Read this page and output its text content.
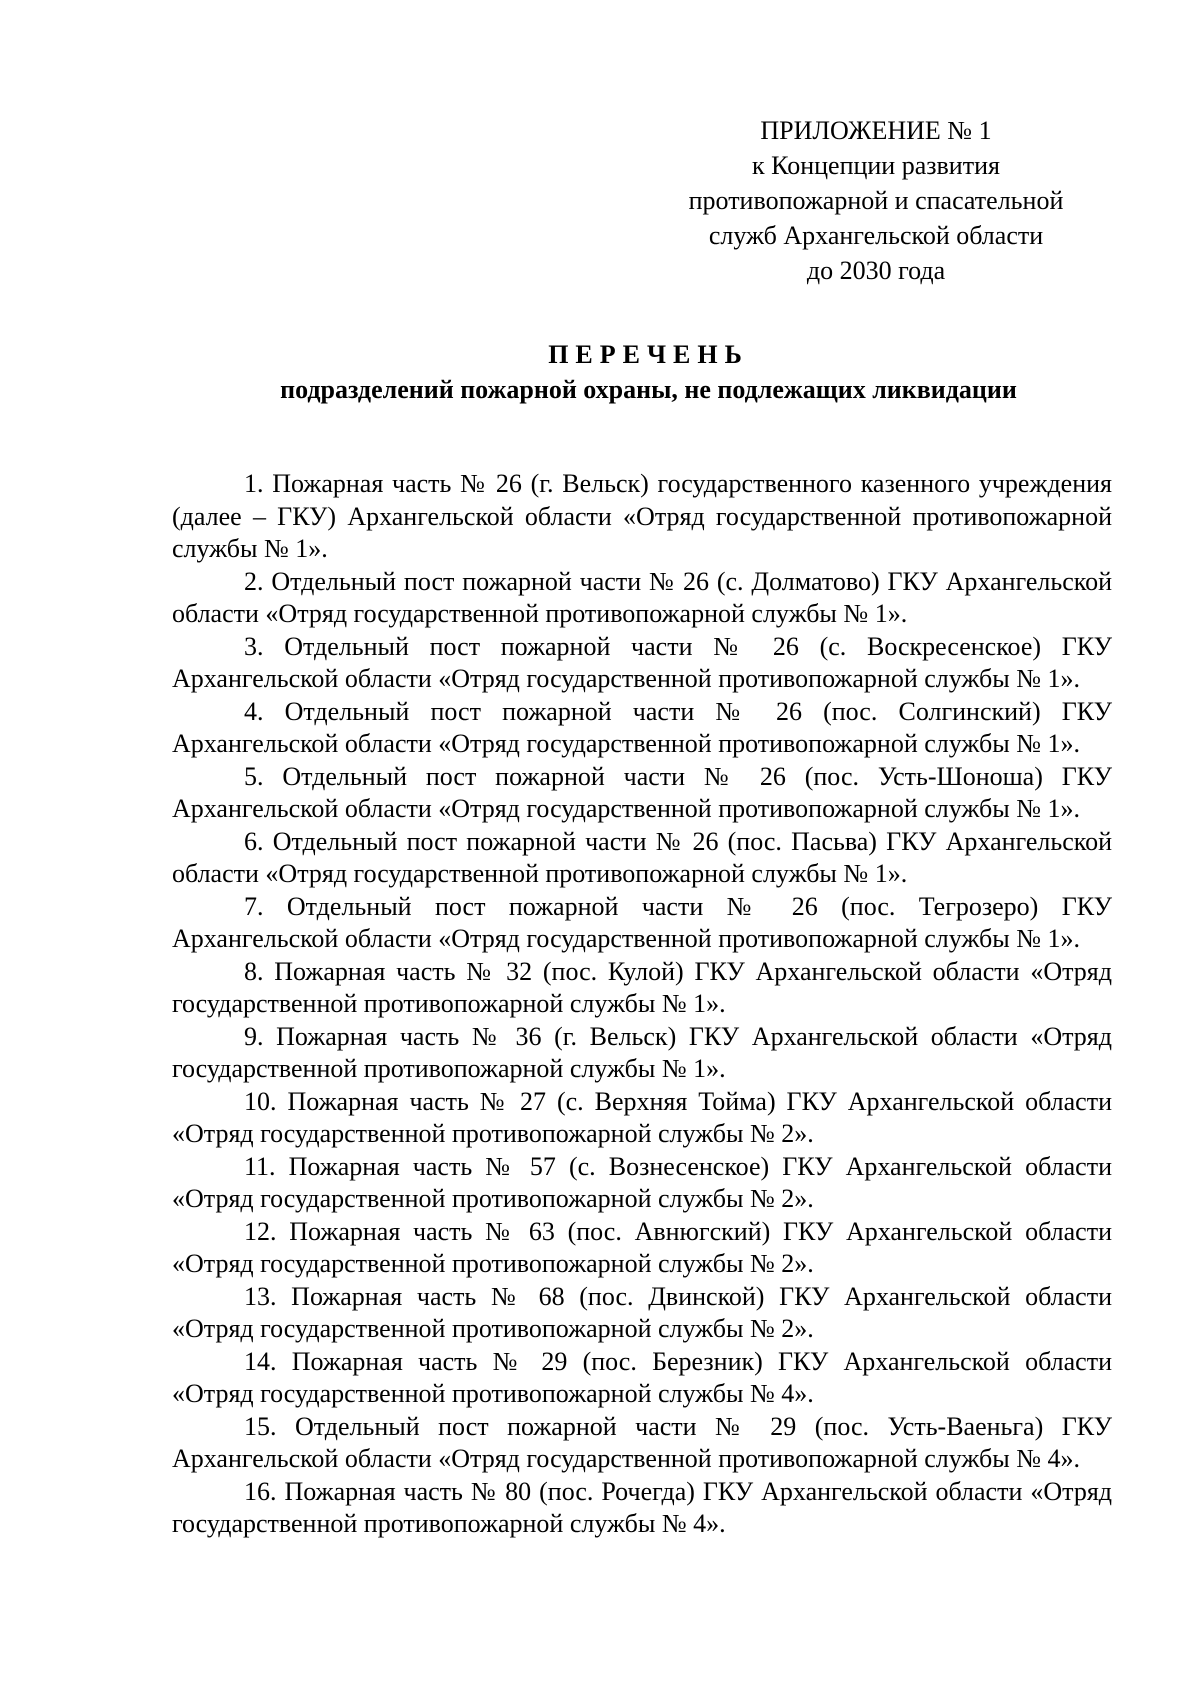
ПРИЛОЖЕНИЕ № 1
к Концепции развития
противопожарной и спасательной
служб Архангельской области
до 2030 года
ПЕРЕЧЕНЬ
подразделений пожарной охраны, не подлежащих ликвидации
1. Пожарная часть № 26 (г. Вельск) государственного казенного учреждения (далее – ГКУ) Архангельской области «Отряд государственной противопожарной службы № 1».
2. Отдельный пост пожарной части № 26 (с. Долматово) ГКУ Архангельской области «Отряд государственной противопожарной службы № 1».
3. Отдельный пост пожарной части № 26 (с. Воскресенское) ГКУ Архангельской области «Отряд государственной противопожарной службы № 1».
4. Отдельный пост пожарной части № 26 (пос. Солгинский) ГКУ Архангельской области «Отряд государственной противопожарной службы № 1».
5. Отдельный пост пожарной части № 26 (пос. Усть-Шоноша) ГКУ Архангельской области «Отряд государственной противопожарной службы № 1».
6. Отдельный пост пожарной части № 26 (пос. Пасьва) ГКУ Архангельской области «Отряд государственной противопожарной службы № 1».
7. Отдельный пост пожарной части № 26 (пос. Тегрозеро) ГКУ Архангельской области «Отряд государственной противопожарной службы № 1».
8. Пожарная часть № 32 (пос. Кулой) ГКУ Архангельской области «Отряд государственной противопожарной службы № 1».
9. Пожарная часть № 36 (г. Вельск) ГКУ Архангельской области «Отряд государственной противопожарной службы № 1».
10. Пожарная часть № 27 (с. Верхняя Тойма) ГКУ Архангельской области «Отряд государственной противопожарной службы № 2».
11. Пожарная часть № 57 (с. Вознесенское) ГКУ Архангельской области «Отряд государственной противопожарной службы № 2».
12. Пожарная часть № 63 (пос. Авнюгский) ГКУ Архангельской области «Отряд государственной противопожарной службы № 2».
13. Пожарная часть № 68 (пос. Двинской) ГКУ Архангельской области «Отряд государственной противопожарной службы № 2».
14. Пожарная часть № 29 (пос. Березник) ГКУ Архангельской области «Отряд государственной противопожарной службы № 4».
15. Отдельный пост пожарной части № 29 (пос. Усть-Ваеньга) ГКУ Архангельской области «Отряд государственной противопожарной службы № 4».
16. Пожарная часть № 80 (пос. Рочегда) ГКУ Архангельской области «Отряд государственной противопожарной службы № 4».
